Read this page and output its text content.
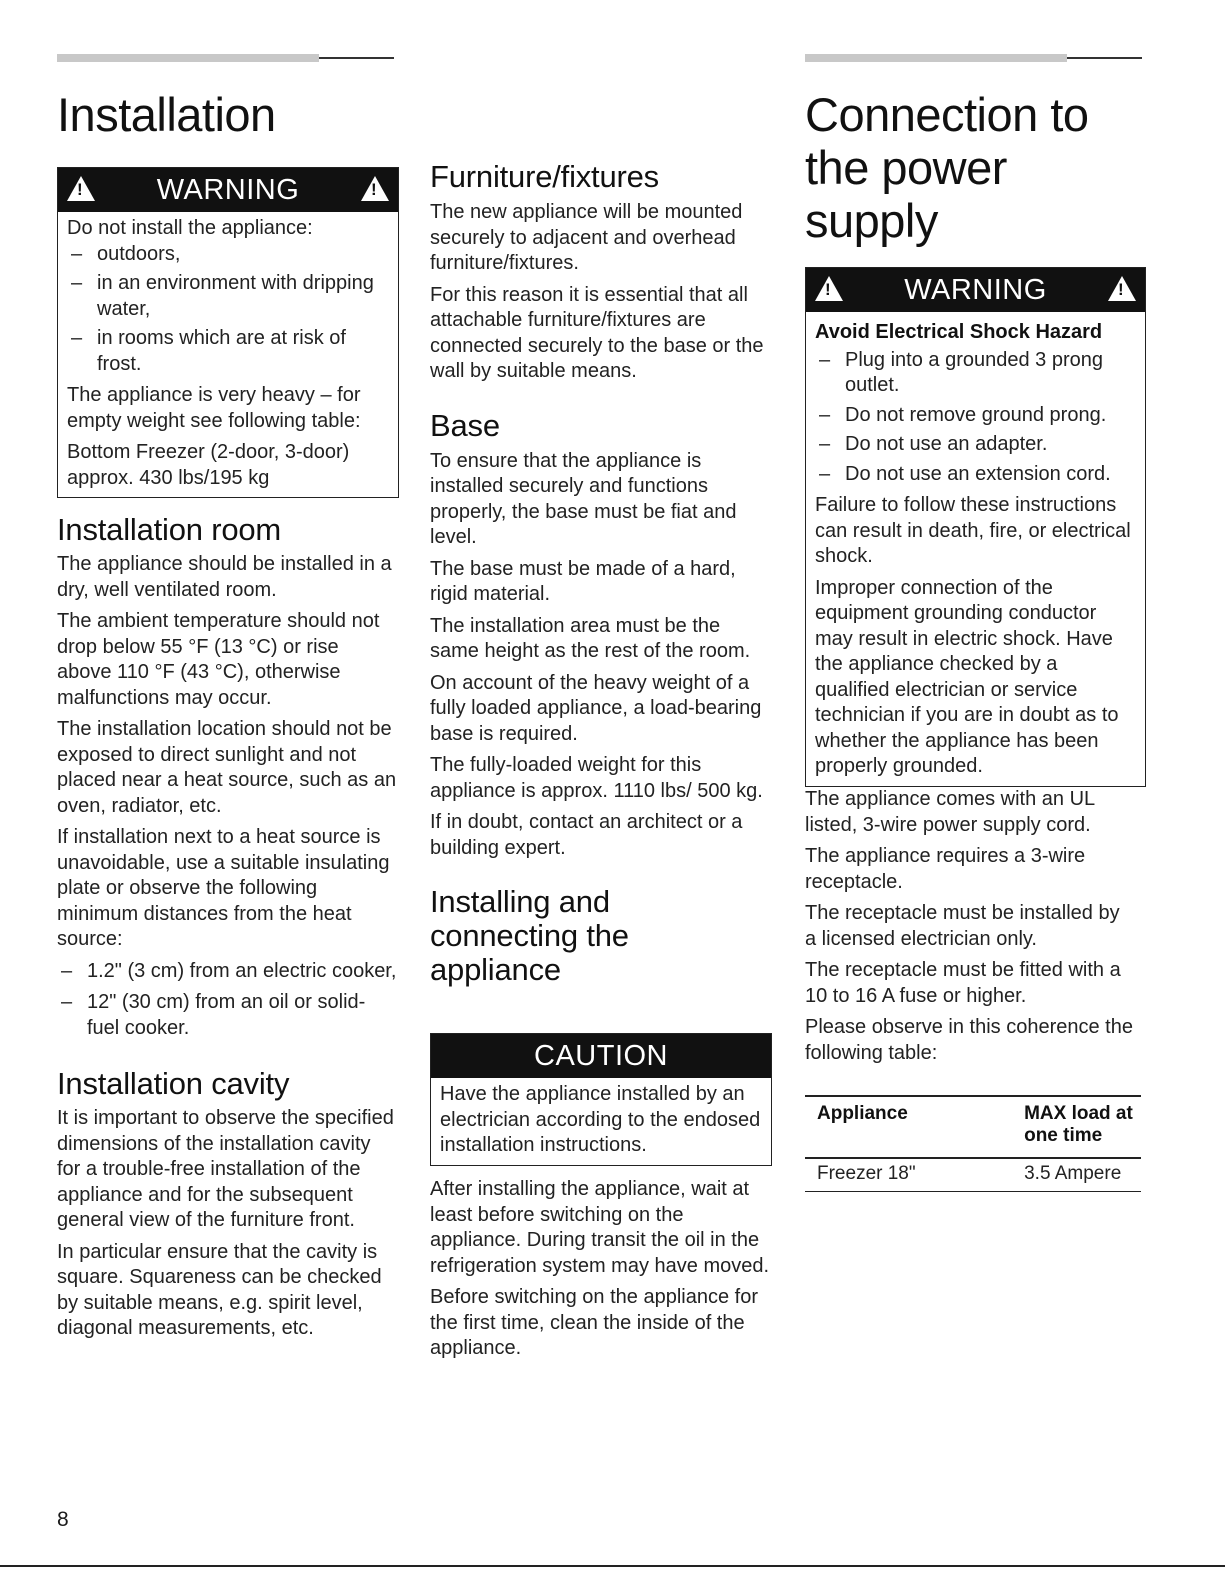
Installation
!
WARNING
!

Do not install the appliance:

– outdoors,
– in an environment with dripping water,
– in rooms which are at risk of frost.

The appliance is very heavy – for empty weight see following table:

Bottom Freezer (2-door, 3-door) approx. 430 lbs/195 kg

Installation room

The appliance should be installed in a dry, well ventilated room.

The ambient temperature should not drop below 55 °F (13 °C) or rise above 110 °F (43 °C), otherwise malfunctions may occur.

The installation location should not be exposed to direct sunlight and not placed near a heat source, such as an oven, radiator, etc.

If installation next to a heat source is unavoidable, use a suitable insulating plate or observe the following minimum distances from the heat source:

– 1.2" (3 cm) from an electric cooker,
– 12" (30 cm) from an oil or solid-fuel cooker.
Installation cavity

It is important to observe the specified dimensions of the installation cavity for a trouble-free installation of the appliance and for the subsequent general view of the furniture front.

In particular ensure that the cavity is square. Squareness can be checked by suitable means, e.g. spirit level, diagonal measurements, etc.

Furniture/fixtures

The new appliance will be mounted securely to adjacent and overhead furniture/fixtures.

For this reason it is essential that all attachable furniture/fixtures are connected securely to the base or the wall by suitable means.

Base

To ensure that the appliance is installed securely and functions properly, the base must be fiat and level.

The base must be made of a hard, rigid material.

The installation area must be the same height as the rest of the room.

On account of the heavy weight of a fully loaded appliance, a load-bearing base is required.

The fully-loaded weight for this appliance is approx. 1110 lbs/ 500 kg.

If in doubt, contact an architect or a building expert.

Installing and connecting the appliance
CAUTION

Have the appliance installed by an electrician according to the endosed installation instructions.

After installing the appliance, wait at least before switching on the appliance. During transit the oil in the refrigeration system may have moved.

Before switching on the appliance for the first time, clean the inside of the appliance.

Connection to the power supply
!
WARNING
!

Avoid Electrical Shock Hazard

– Plug into a grounded 3 prong outlet.
– Do not remove ground prong.
– Do not use an adapter.
– Do not use an extension cord.

Failure to follow these instructions can result in death, fire, or electrical shock.

Improper connection of the equipment grounding conductor may result in electric shock. Have the appliance checked by a qualified electrician or service technician if you are in doubt as to whether the appliance has been properly grounded.

The appliance comes with an UL listed, 3-wire power supply cord.

The appliance requires a 3-wire receptacle.

The receptacle must be installed by a licensed electrician only.

The receptacle must be fitted with a 10 to 16 A fuse or higher.

Please observe in this coherence the following table:

Appliance	MAX load at one time
Freezer 18"	3.5 Ampere
8
